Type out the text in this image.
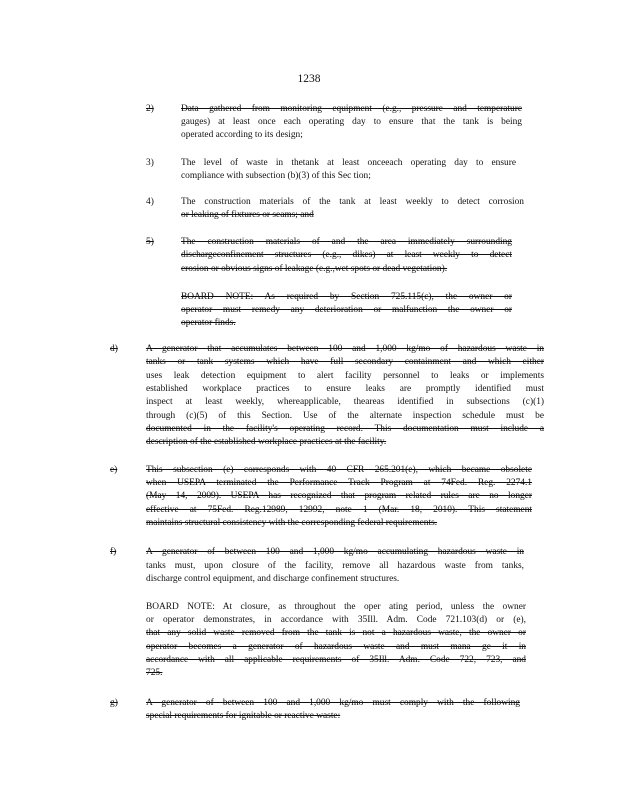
1238
2)	Data gathered from monitoring equipment (e.g., pressure and temperature
gauges) at least once each operating day to ensure that the tank is being
operated according to its design;
3)	The level of waste in thetank at least onceeach operating day to ensure
compliance with subsection (b)(3) of this Sec tion;
4)	The construction materials of the tank at least weekly to detect corrosion
or leaking of fixtures or seams; and
5)	The construction materials of and the area immediately surrounding
dischargeconfinement structures (e.g., dikes) at least weekly to detect
erosion or obvious signs of leakage (e.g.,wet spots or dead vegetation).
BOARD NOTE: As required by Section 725.115(c), the owner or
operator must remedy any deterioration or malfunction the owner or
operator finds.
d)	A generator that accumulates between 100 and 1,000 kg/mo of hazardous waste in
tanks or tank systems which have full secondary containment and which either
uses leak detection equipment to alert facility personnel to leaks or implements
established workplace practices to ensure leaks are promptly identified must
inspect at least weekly, whereapplicable, theareas identified in subsections (c)(1)
through (c)(5) of this Section. Use of the alternate inspection schedule must be
documented in the facility's operating record. This documentation must include a
description of the established workplace practices at the facility.
e)	This subsection (e) corresponds with 40 CFR 265.201(e), which became obsolete
when USEPA terminated the Performance Track Program at 74Fed. Reg. 2274.1
(May 14, 2009). USEPA has recognized that program related rules are no longer
effective at 75Fed. Reg.12989, 12992, note 1 (Mar. 18, 2010). This statement
maintains structural consistency with the corresponding federal requirements.
f)	A generator of between 100 and 1,000 kg/mo accumulating hazardous waste in
tanks must, upon closure of the facility, remove all hazardous waste from tanks,
discharge control equipment, and discharge confinement structures.
BOARD NOTE: At closure, as throughout the oper ating period, unless the owner
or operator demonstrates, in accordance with 35Ill. Adm. Code 721.103(d) or (e),
that any solid waste removed from the tank is not a hazardous waste, the owner or
operator becomes a generator of hazardous waste and must mana ge it in
accordance with all applicable requirements of 35Ill. Adm. Code 722, 723, and
725.
g)	A generator of between 100 and 1,000 kg/mo must comply with the following
special requirements for ignitable or reactive waste:
